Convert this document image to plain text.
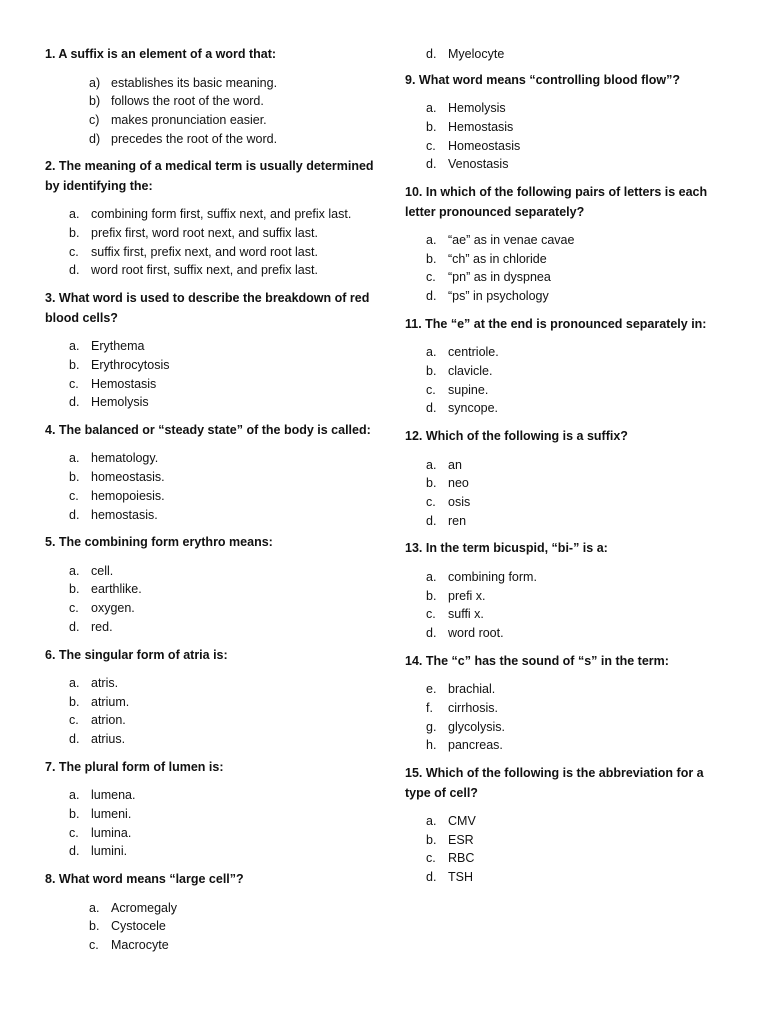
1. A suffix is an element of a word that:

a) establishes its basic meaning.
b) follows the root of the word.
c) makes pronunciation easier.
d) precedes the root of the word.

2. The meaning of a medical term is usually determined by identifying the:

a. combining form first, suffix next, and prefix last.
b. prefix first, word root next, and suffix last.
c. suffix first, prefix next, and word root last.
d. word root first, suffix next, and prefix last.

3. What word is used to describe the breakdown of red blood cells?

a. Erythema
b. Erythrocytosis
c. Hemostasis
d. Hemolysis

4. The balanced or “steady state” of the body is called:

a. hematology.
b. homeostasis.
c. hemopoiesis.
d. hemostasis.

5. The combining form erythro means:

a. cell.
b. earthlike.
c. oxygen.
d. red.

6. The singular form of atria is:

a. atris.
b. atrium.
c. atrion.
d. atrius.

7. The plural form of lumen is:

a. lumena.
b. lumeni.
c. lumina.
d. lumini.

8. What word means “large cell”?

a. Acromegaly
b. Cystocele
c. Macrocyte
d. Myelocyte

9. What word means “controlling blood flow”?

a. Hemolysis
b. Hemostasis
c. Homeostasis
d. Venostasis

10. In which of the following pairs of letters is each letter pronounced separately?

a. “ae” as in venae cavae
b. “ch” as in chloride
c. “pn” as in dyspnea
d. “ps” in psychology

11. The “e” at the end is pronounced separately in:

a. centriole.
b. clavicle.
c. supine.
d. syncope.

12. Which of the following is a suffix?

a. an
b. neo
c. osis
d. ren

13. In the term bicuspid, “bi-” is a:

a. combining form.
b. prefi x.
c. suffi x.
d. word root.

14. The “c” has the sound of “s” in the term:

e. brachial.
f.	cirrhosis.
g. glycolysis.
h. pancreas.

15. Which of the following is the abbreviation for a type of cell?

a. CMV
b. ESR
c. RBC
d. TSH
